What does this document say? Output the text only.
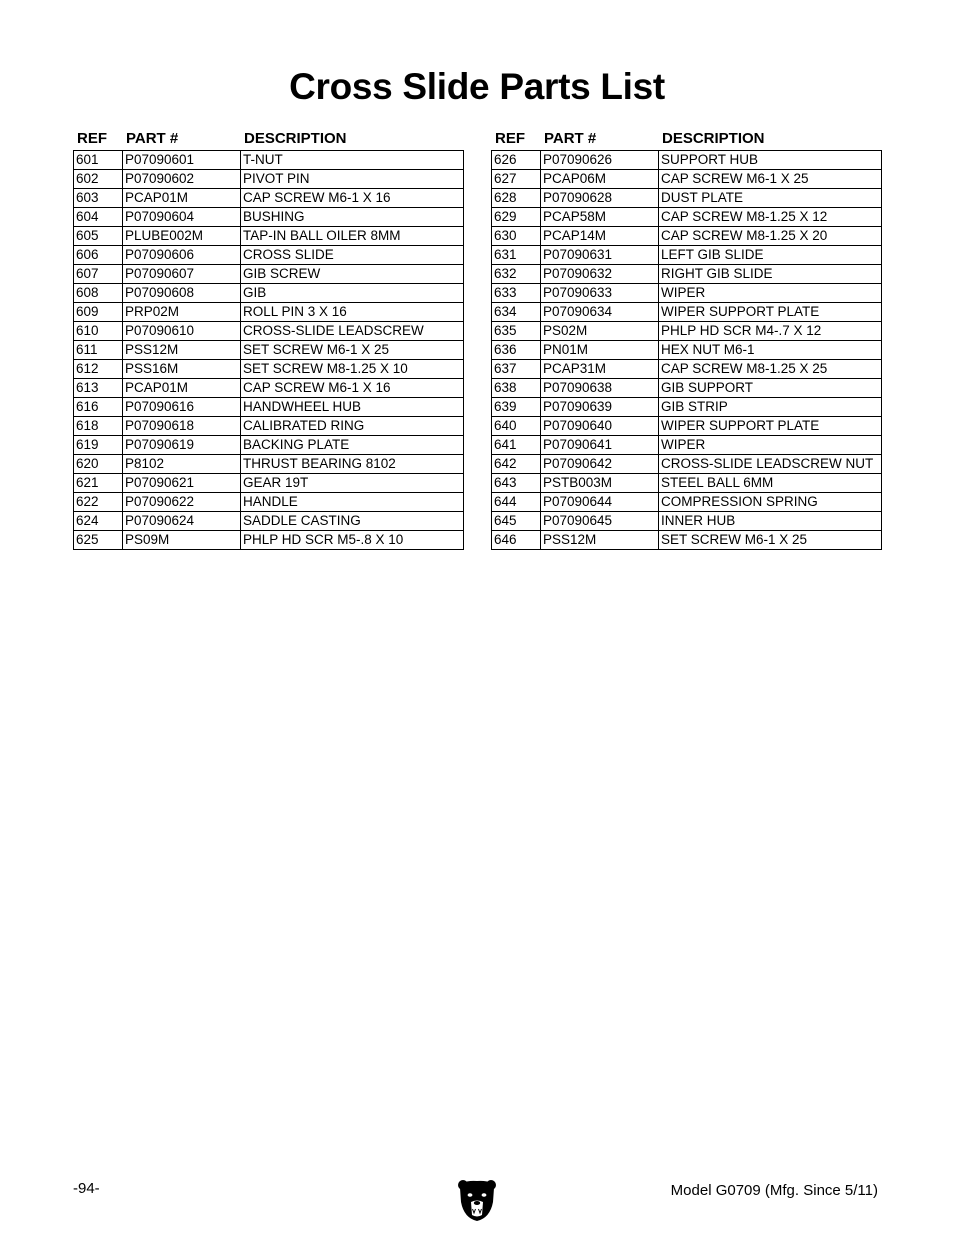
Cross Slide Parts List
REF	PART #	DESCRIPTION
601	P07090601	T-NUT
602	P07090602	PIVOT PIN
603	PCAP01M	CAP SCREW M6-1 X 16
604	P07090604	BUSHING
605	PLUBE002M	TAP-IN BALL OILER 8MM
606	P07090606	CROSS SLIDE
607	P07090607	GIB SCREW
608	P07090608	GIB
609	PRP02M	ROLL PIN 3 X 16
610	P07090610	CROSS-SLIDE LEADSCREW
611	PSS12M	SET SCREW M6-1 X 25
612	PSS16M	SET SCREW M8-1.25 X 10
613	PCAP01M	CAP SCREW M6-1 X 16
616	P07090616	HANDWHEEL HUB
618	P07090618	CALIBRATED RING
619	P07090619	BACKING PLATE
620	P8102	THRUST BEARING 8102
621	P07090621	GEAR 19T
622	P07090622	HANDLE
624	P07090624	SADDLE CASTING
625	PS09M	PHLP HD SCR M5-.8 X 10
REF	PART #	DESCRIPTION
626	P07090626	SUPPORT HUB
627	PCAP06M	CAP SCREW M6-1 X 25
628	P07090628	DUST PLATE
629	PCAP58M	CAP SCREW M8-1.25 X 12
630	PCAP14M	CAP SCREW M8-1.25 X 20
631	P07090631	LEFT GIB SLIDE
632	P07090632	RIGHT GIB SLIDE
633	P07090633	WIPER
634	P07090634	WIPER SUPPORT PLATE
635	PS02M	PHLP HD SCR M4-.7 X 12
636	PN01M	HEX NUT M6-1
637	PCAP31M	CAP SCREW M8-1.25 X 25
638	P07090638	GIB SUPPORT
639	P07090639	GIB STRIP
640	P07090640	WIPER SUPPORT PLATE
641	P07090641	WIPER
642	P07090642	CROSS-SLIDE LEADSCREW NUT
643	PSTB003M	STEEL BALL 6MM
644	P07090644	COMPRESSION SPRING
645	P07090645	INNER HUB
646	PSS12M	SET SCREW M6-1 X 25
-94-	Model G0709 (Mfg. Since 5/11)
